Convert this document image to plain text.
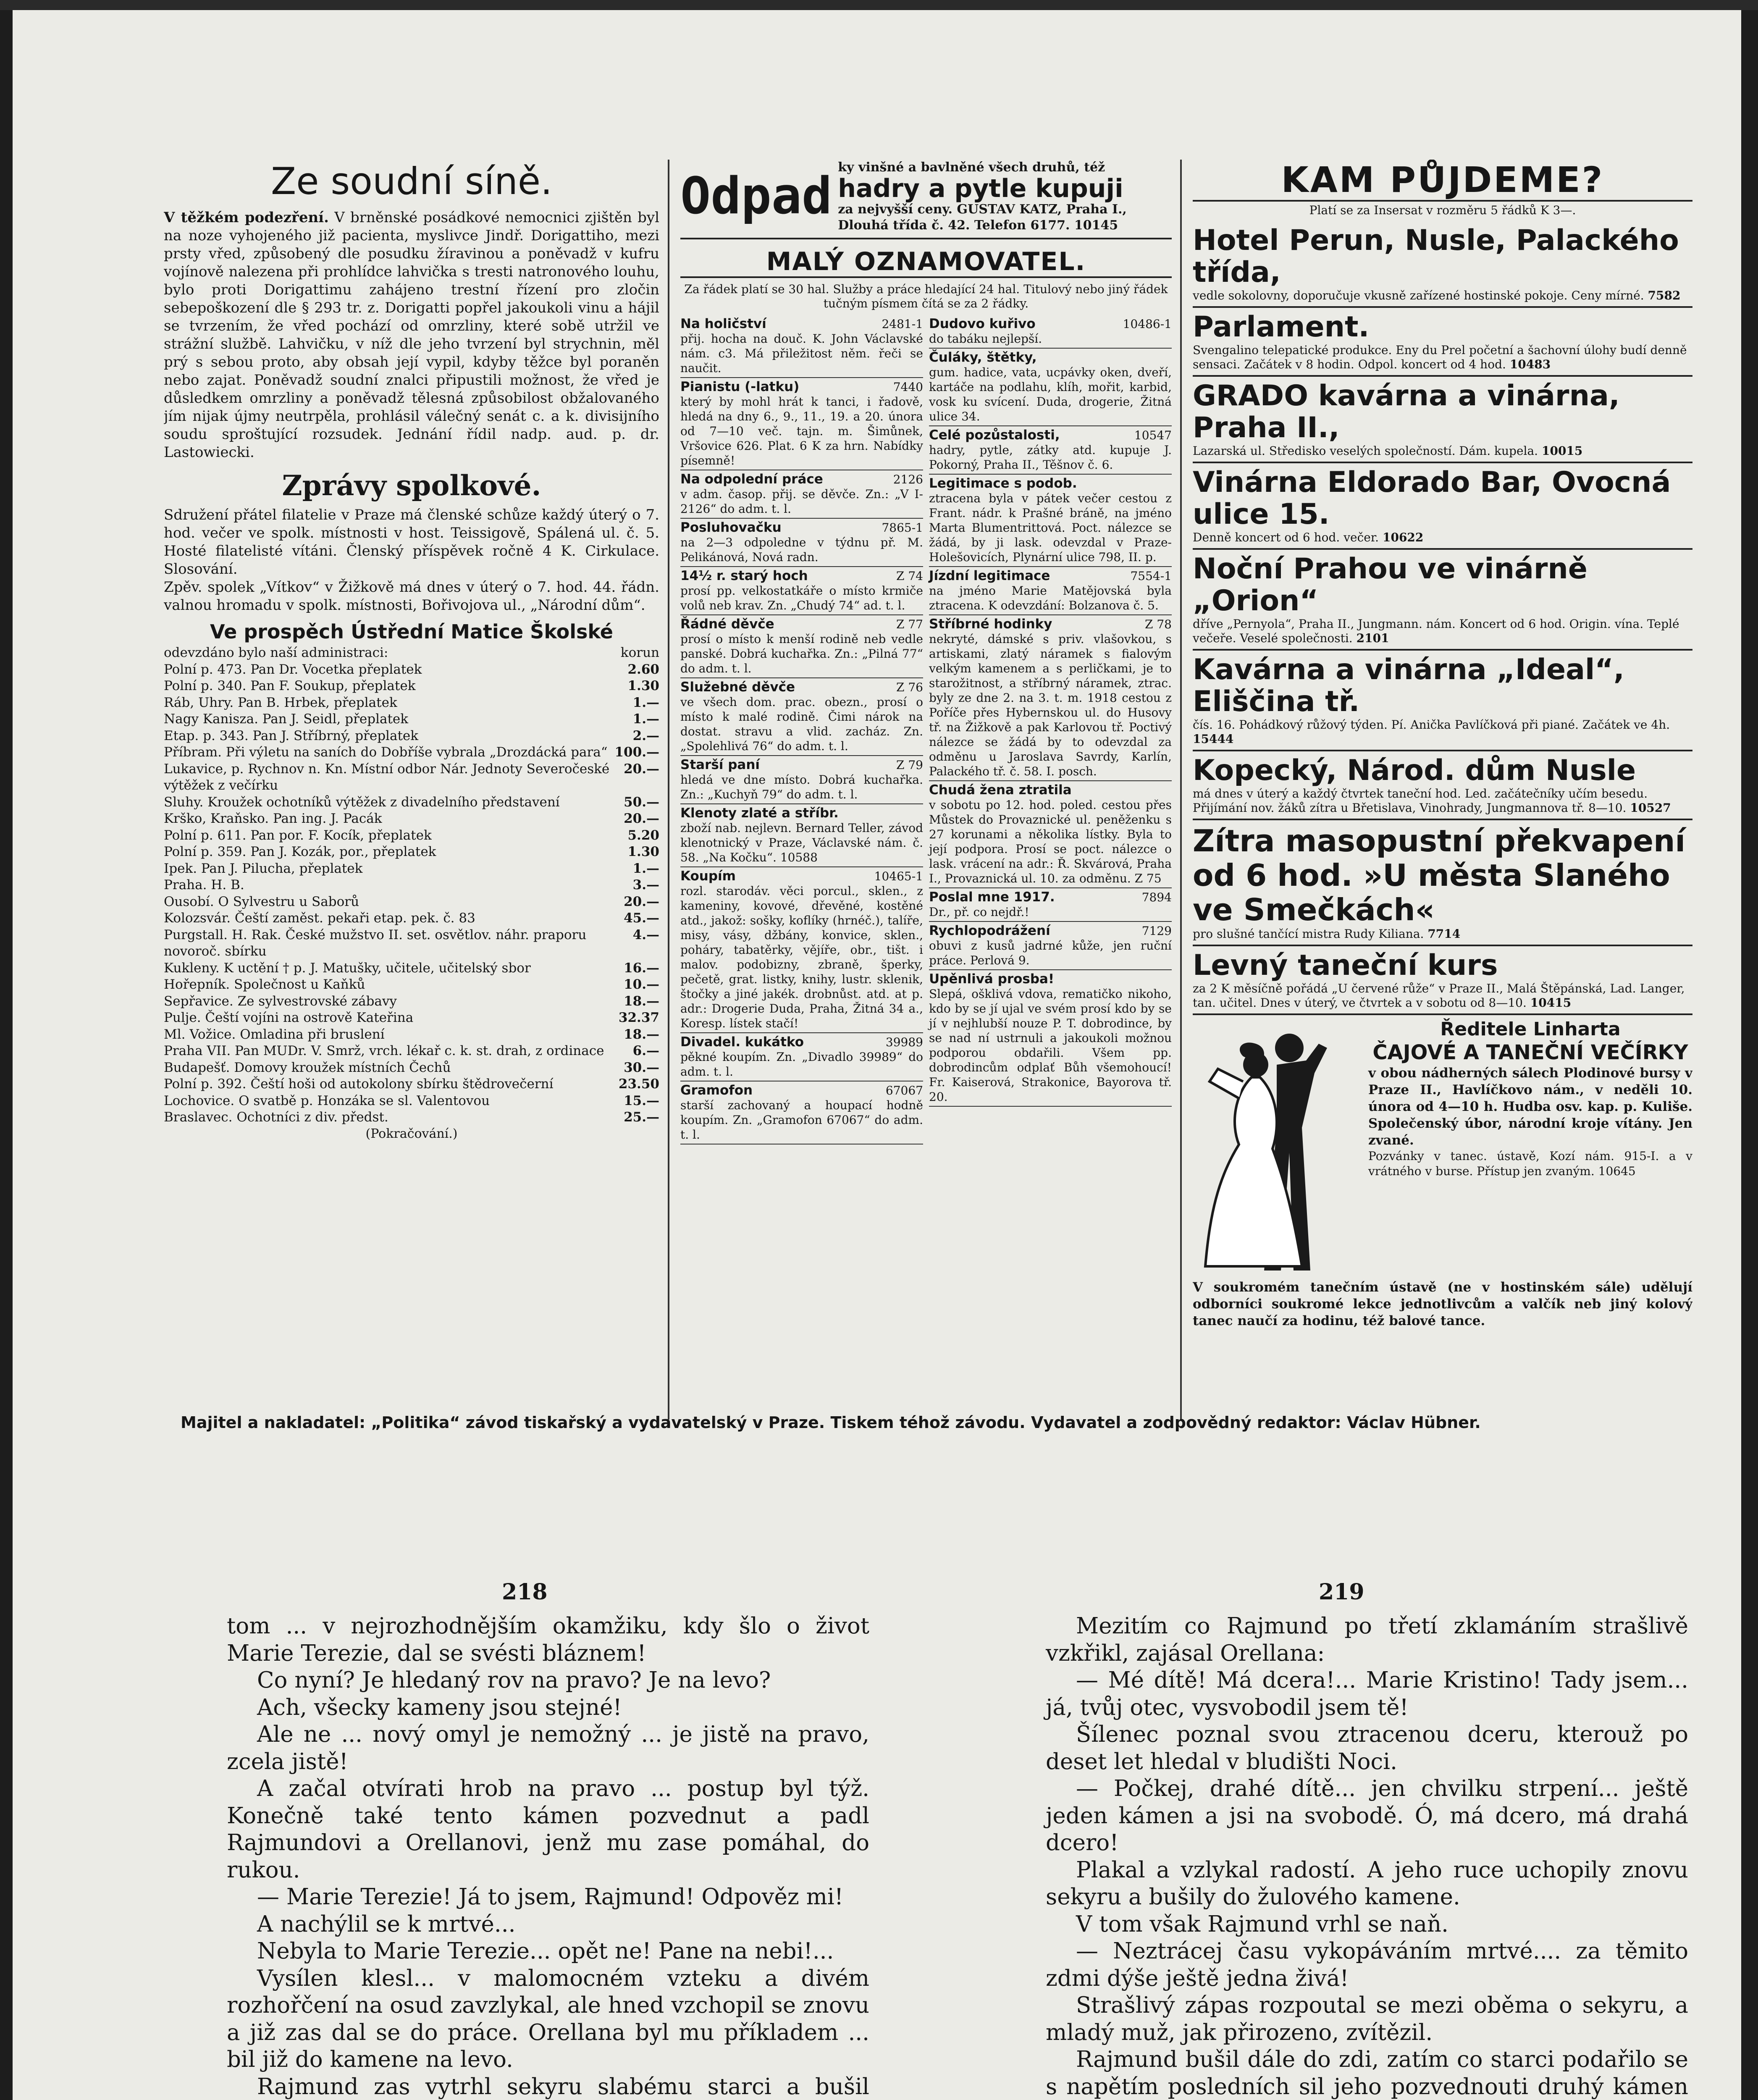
Ze soudní síně.

V těžkém podezření. V brněnské posádkové nemocnici zjištěn byl na noze vyhojeného již pacienta, myslivce Jindř. Dorigattiho, mezi prsty vřed, způsobený dle posudku žíravinou a poněvadž v kufru vojínově nalezena při prohlídce lahvička s tresti natronového louhu, bylo proti Dorigattimu zahájeno trestní řízení pro zločin sebepoškození dle § 293 tr. z. Dorigatti popřel jakoukoli vinu a hájil se tvrzením, že vřed pochází od omrzliny, které sobě utržil ve strážní službě. Lahvičku, v níž dle jeho tvrzení byl strychnin, měl prý s sebou proto, aby obsah její vypil, kdyby těžce byl poraněn nebo zajat. Poněvadž soudní znalci připustili možnost, že vřed je důsledkem omrzliny a poněvadž tělesná způsobilost obžalovaného jím nijak újmy neutrpěla, prohlásil válečný senát c. a k. divisijního soudu sproštující rozsudek. Jednání řídil nadp. aud. p. dr. Lastowiecki.

Zprávy spolkové.

Sdružení přátel filatelie v Praze má členské schůze každý úterý o 7. hod. večer ve spolk. místnosti v host. Teissigově, Spálená ul. č. 5. Hosté filatelisté vítáni. Členský příspěvek ročně 4 K. Cirkulace. Slosování.

Zpěv. spolek „Vítkov“ v Žižkově má dnes v úterý o 7. hod. 44. řádn. valnou hromadu v spolk. místnosti, Bořivojova ul., „Národní dům“.

Ve prospěch Ústřední Matice Školské
odevzdáno bylo naší administraci:	korun
Polní p. 473. Pan Dr. Vocetka přeplatek	2.60
Polní p. 340. Pan F. Soukup, přeplatek	1.30
Ráb, Uhry. Pan B. Hrbek, přeplatek	1.—
Nagy Kanisza. Pan J. Seidl, přeplatek	1.—
Etap. p. 343. Pan J. Stříbrný, přeplatek	2.—
Příbram. Při výletu na saních do Dobříše vybrala „Drozdácká para“ 100.—
Lukavice, p. Rychnov n. Kn. Místní odbor Nár. Jednoty Severočeské výtěžek z večírku
20.—
Sluhy. Kroužek ochotníků výtěžek z divadelního představení	50.—
Krško, Kraňsko. Pan ing. J. Pacák	20.—
Polní p. 611. Pan por. F. Kocík, přeplatek	5.20
Polní p. 359. Pan J. Kozák, por., přeplatek	1.30
Ipek. Pan J. Pilucha, přeplatek	1.—
Praha. H. B.	3.—
Ousobí. O Sylvestru u Saborů	20.—
Kolozsvár. Čeští zaměst. pekaři etap. pek. č. 83	45.—
Purgstall. H. Rak. České mužstvo II. set. osvětlov. náhr. praporu novoroč. sbírku
4.—
Kukleny. K uctění † p. J. Matušky, učitele, učitelský sbor	16.—
Hořepník. Společnost u Kaňků	10.—
Sepřavice. Ze sylvestrovské zábavy	18.—
Pulje. Čeští vojíni na ostrově Kateřina	32.37
Ml. Vožice. Omladina při bruslení	18.—
Praha VII. Pan MUDr. V. Smrž, vrch. lékař c. k. st. drah, z ordinace	6.—
Budapešť. Domovy kroužek místních Čechů	30.—
Polní p. 392. Čeští hoši od autokolony sbírku štědrovečerní	23.50
Lochovice. O svatbě p. Honzáka se sl. Valentovou	15.—
Braslavec. Ochotníci z div. předst.	25.—

(Pokračování.)

Odpad ky vinšné a bavlněné všech druhů, též
hadry a pytle kupuji
za nejvyšší ceny. GUSTAV KATZ, Praha I., Dlouhá třída č. 42. Telefon 6177. 10145
MALÝ OZNAMOVATEL.

Za řádek platí se 30 hal. Služby a práce hledající 24 hal. Titulový nebo jiný řádek tučným písmem čítá se za 2 řádky.

Na holičství	2481-1
přij. hocha na douč. K. John Václavské nám. c3. Má přiležitost něm. řeči se naučit.
Pianistu (-latku)	7440
který by mohl hrát k tanci, i řadově, hledá na dny 6., 9., 11., 19. a 20. února od 7—10 več. tajn. m. Šimůnek, Vršovice 626. Plat. 6 K za hrn. Nabídky písemně!
Na odpolední práce	2126
v adm. časop. přij. se děvče. Zn.: „V I-2126“ do adm. t. l.
Posluhovačku	7865-1
na 2—3 odpoledne v týdnu př. M. Pelikánová, Nová radn.
14½ r. starý hoch	Z 74
prosí pp. velkostatkáře o místo krmiče volů neb krav. Zn. „Chudý 74“ ad. t. l.
Řádné děvče	Z 77
prosí o místo k menší rodině neb vedle panské. Dobrá kuchařka. Zn.: „Pilná 77“ do adm. t. l.
Služebné děvče	Z 76
ve všech dom. prac. obezn., prosí o místo k malé rodině. Čimi nárok na dostat. stravu a vlid. zacház. Zn. „Spolehlivá 76“ do adm. t. l.
Starší paní	Z 79
hledá ve dne místo. Dobrá kuchařka. Zn.: „Kuchyň 79“ do adm. t. l.
Klenoty zlaté a stříbr.
zboží nab. nejlevn. Bernard Teller, závod klenotnický v Praze, Václavské nám. č. 58. „Na Kočku“. 10588
Koupím	10465-1
rozl. starodáv. věci porcul., sklen., z kameniny, kovové, dřevěné, kostěné atd., jakož: sošky, koflíky (hrnéč.), talíře, misy, vásy, džbány, konvice, sklen., poháry, tabatěrky, vějíře, obr., tišt. i malov. podobizny, zbraně, šperky, pečetě, grat. listky, knihy, lustr. sklenik, štočky a jiné jakék. drobnůst. atd. at p. adr.: Drogerie Duda, Praha, Žitná 34 a., Koresp. lístek stačí!
Divadel. kukátko	39989
pěkné koupím. Zn. „Divadlo 39989“ do adm. t. l.
Gramofon	67067
starší zachovaný a houpací hodně koupím. Zn. „Gramofon 67067“ do adm. t. l.
Dudovo kuřivo	10486-1
do tabáku nejlepší.
Čuláky, štětky,
gum. hadice, vata, ucpávky oken, dveří, kartáče na podlahu, klíh, mořit, karbid, vosk ku svícení. Duda, drogerie, Žitná ulice 34.
Celé pozůstalosti,	10547
hadry, pytle, zátky atd. kupuje J. Pokorný, Praha II., Těšnov č. 6.
Legitimace s podob.
ztracena byla v pátek večer cestou z Frant. nádr. k Prašné bráně, na jméno Marta Blumentrittová. Poct. nálezce se žádá, by ji lask. odevzdal v Praze-Holešovicích, Plynární ulice 798, II. p.
Jízdní legitimace	7554-1
na jméno Marie Matějovská byla ztracena. K odevzdání: Bolzanova č. 5.
Stříbrné hodinky	Z 78
nekryté, dámské s priv. vlašovkou, s artiskami, zlatý náramek s fialovým velkým kamenem a s perličkami, je to starožitnost, a stříbrný náramek, ztrac. byly ze dne 2. na 3. t. m. 1918 cestou z Poříče přes Hybernskou ul. do Husovy tř. na Žižkově a pak Karlovou tř. Poctivý nálezce se žádá by to odevzdal za odměnu u Jaroslava Savrdy, Karlín, Palackého tř. č. 58. I. posch.
Chudá žena ztratila
v sobotu po 12. hod. poled. cestou přes Můstek do Provaznické ul. peněženku s 27 korunami a několika lístky. Byla to její podpora. Prosí se poct. nálezce o lask. vrácení na adr.: Ř. Skvárová, Praha I., Provaznická ul. 10. za odměnu. Z 75
Poslal mne 1917.	7894
Dr., př. co nejdř.!
Rychlopodrážení	7129
obuvi z kusů jadrné kůže, jen ruční práce. Perlová 9.
Upěnlivá prosba!
Slepá, ošklivá vdova, rematičko nikoho, kdo by se jí ujal ve svém prosí kdo by se jí v nejhlubší nouze P. T. dobrodince, by se nad ní ustrnuli a jakoukoli možnou podporou obdařili. Všem pp. dobrodincům odplať Bůh všemohoucí! Fr. Kaiserová, Strakonice, Bayorova tř. 20.
KAM PŮJDEME?

Platí se za Insersat v rozměru 5 řádků K 3—.

Hotel Perun, Nusle, Palackého třída,
vedle sokolovny, doporučuje vkusně zařízené hostinské pokoje. Ceny mírné. 7582
Parlament.
Svengalino telepatické produkce. Eny du Prel početní a šachovní úlohy budí denně sensaci. Začátek v 8 hodin. Odpol. koncert od 4 hod. 10483
GRADO kavárna a vinárna, Praha II.,
Lazarská ul. Středisko veselých společností. Dám. kupela. 10015
Vinárna Eldorado Bar, Ovocná ulice 15.
Denně koncert od 6 hod. večer. 10622
Noční Prahou ve vinárně „Orion“
dříve „Pernyola“, Praha II., Jungmann. nám. Koncert od 6 hod. Origin. vína. Teplé večeře. Veselé společnosti. 2101
Kavárna a vinárna „Ideal“, Eliščina tř.
čís. 16. Pohádkový růžový týden. Pí. Anička Pavlíčková při piané. Začátek ve 4h. 15444
Kopecký, Národ. dům Nusle
má dnes v úterý a každý čtvrtek taneční hod. Led. začátečníky učím besedu. Přijímání nov. žáků zítra u Břetislava, Vinohrady, Jungmannova tř. 8—10. 10527
Zítra masopustní překvapení od 6 hod. »U města Slaného ve Smečkách«
pro slušné tančící mistra Rudy Kiliana. 7714
Levný taneční kurs
za 2 K měsíčně pořádá „U červené růže“ v Praze II., Malá Štěpánská, Lad. Langer, tan. učitel. Dnes v úterý, ve čtvrtek a v sobotu od 8—10. 10415
Ředitele Linharta
ČAJOVÉ A TANEČNÍ VEČÍRKY

v obou nádherných sálech Plodinové bursy v Praze II., Havlíčkovo nám., v neděli 10. února od 4—10 h. Hudba osv. kap. p. Kuliše. Společenský úbor, národní kroje vítány. Jen zvané.

Pozvánky v tanec. ústavě, Kozí nám. 915-I. a v vrátného v burse. Přístup jen zvaným. 10645

V soukromém tanečním ústavě (ne v hostinském sále) udělují odborníci soukromé lekce jednotlivcům a valčík neb jiný kolový tanec naučí za hodinu, též balové tance.

Majitel a nakladatel: „Politika“ závod tiskařský a vydavatelský v Praze. Tiskem téhož závodu. Vydavatel a zodpovědný redaktor: Václav Hübner.
218	219

tom ... v nejrozhodnějším okamžiku, kdy šlo o život Marie Terezie, dal se svésti bláznem!

Co nyní? Je hledaný rov na pravo? Je na levo?

Ach, všecky kameny jsou stejné!

Ale ne ... nový omyl je nemožný ... je jistě na pravo, zcela jistě!

A začal otvírati hrob na pravo ... postup byl týž. Konečně také tento kámen pozvednut a padl Rajmundovi a Orellanovi, jenž mu zase pomáhal, do rukou.

— Marie Terezie! Já to jsem, Rajmund! Odpověz mi!

A nachýlil se k mrtvé...

Nebyla to Marie Terezie... opět ne! Pane na nebi!...

Vysílen klesl... v malomocném vzteku a divém rozhořčení na osud zavzlykal, ale hned vzchopil se znovu a již zas dal se do práce. Orellana byl mu příkladem ... bil již do kamene na levo.

Rajmund zas vytrhl sekyru slabému starci a bušil

Mezitím co Rajmund po třetí zklamáním strašlivě vzkřikl, zajásal Orellana:

— Mé dítě! Má dcera!... Marie Kristino! Tady jsem... já, tvůj otec, vysvobodil jsem tě!

Šílenec poznal svou ztracenou dceru, kterouž po deset let hledal v bludišti Noci.

— Počkej, drahé dítě... jen chvilku strpení... ještě jeden kámen a jsi na svobodě. Ó, má dcero, má drahá dcero!

Plakal a vzlykal radostí. A jeho ruce uchopily znovu sekyru a bušily do žulového kamene.

V tom však Rajmund vrhl se naň.

— Neztrácej času vykopáváním mrtvé.... za těmito zdmi dýše ještě jedna živá!

Strašlivý zápas rozpoutal se mezi oběma o sekyru, a mladý muž, jak přirozeno, zvítězil.

Rajmund bušil dále do zdi, zatím co starci podařilo se s napětím posledních sil jeho pozvednouti druhý kámen
